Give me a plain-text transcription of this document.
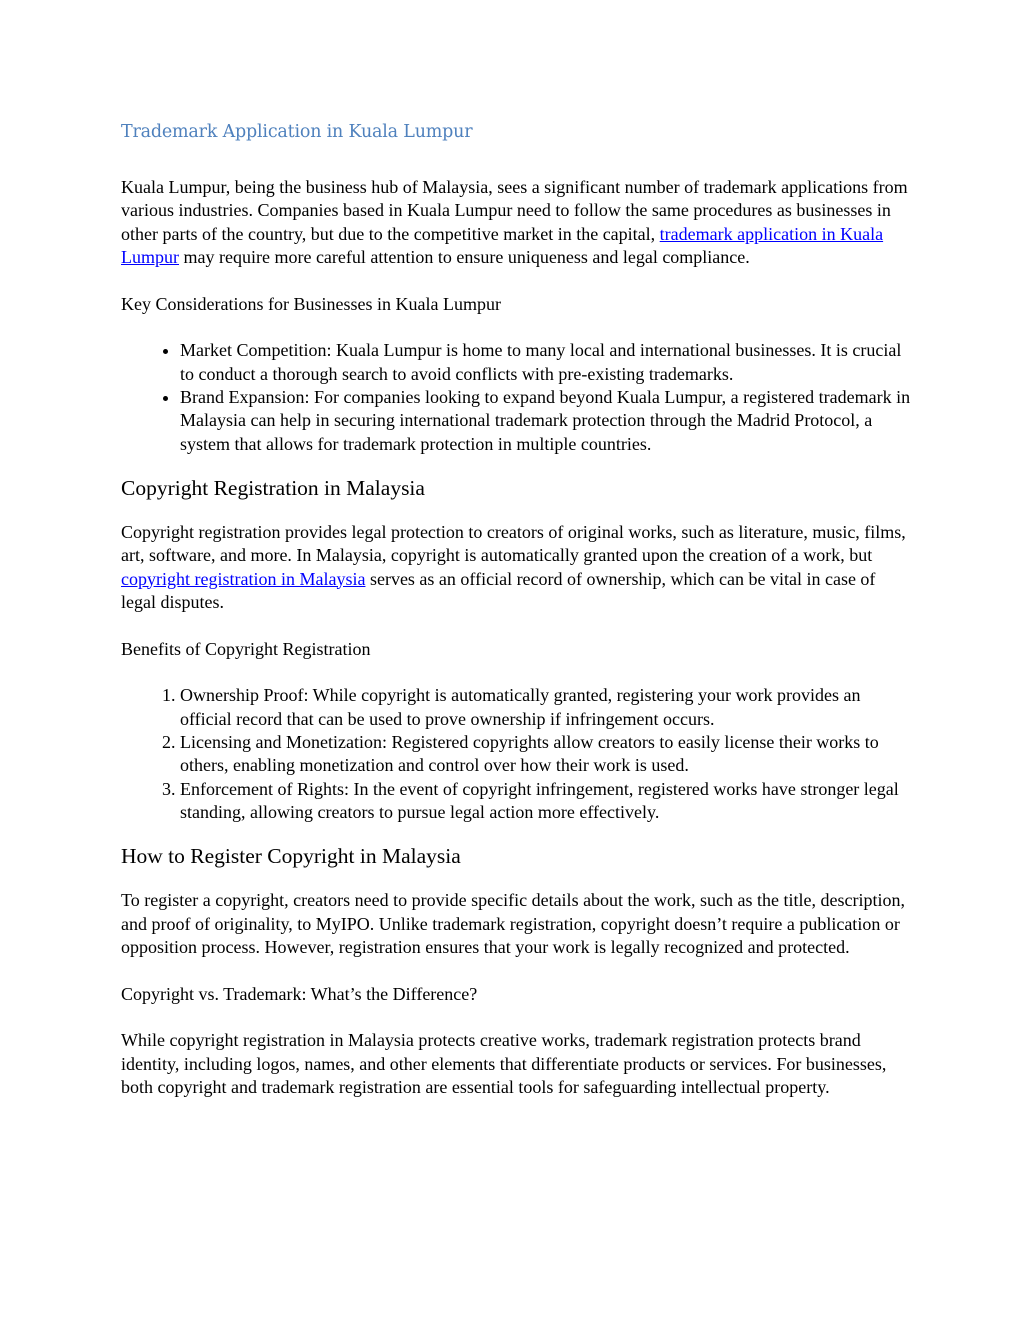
Trademark Application in Kuala Lumpur

Kuala Lumpur, being the business hub of Malaysia, sees a significant number of trademark applications from various industries. Companies based in Kuala Lumpur need to follow the same procedures as businesses in other parts of the country, but due to the competitive market in the capital, trademark application in Kuala Lumpur may require more careful attention to ensure uniqueness and legal compliance.

Key Considerations for Businesses in Kuala Lumpur

• Market Competition: Kuala Lumpur is home to many local and international businesses. It is crucial to conduct a thorough search to avoid conflicts with pre-existing trademarks.
• Brand Expansion: For companies looking to expand beyond Kuala Lumpur, a registered trademark in Malaysia can help in securing international trademark protection through the Madrid Protocol, a system that allows for trademark protection in multiple countries.
Copyright Registration in Malaysia

Copyright registration provides legal protection to creators of original works, such as literature, music, films, art, software, and more. In Malaysia, copyright is automatically granted upon the creation of a work, but copyright registration in Malaysia serves as an official record of ownership, which can be vital in case of legal disputes.

Benefits of Copyright Registration

1. Ownership Proof: While copyright is automatically granted, registering your work provides an official record that can be used to prove ownership if infringement occurs.
2. Licensing and Monetization: Registered copyrights allow creators to easily license their works to others, enabling monetization and control over how their work is used.
3. Enforcement of Rights: In the event of copyright infringement, registered works have stronger legal standing, allowing creators to pursue legal action more effectively.
How to Register Copyright in Malaysia

To register a copyright, creators need to provide specific details about the work, such as the title, description, and proof of originality, to MyIPO. Unlike trademark registration, copyright doesn’t require a publication or opposition process. However, registration ensures that your work is legally recognized and protected.

Copyright vs. Trademark: What’s the Difference?

While copyright registration in Malaysia protects creative works, trademark registration protects brand identity, including logos, names, and other elements that differentiate products or services. For businesses, both copyright and trademark registration are essential tools for safeguarding intellectual property.
